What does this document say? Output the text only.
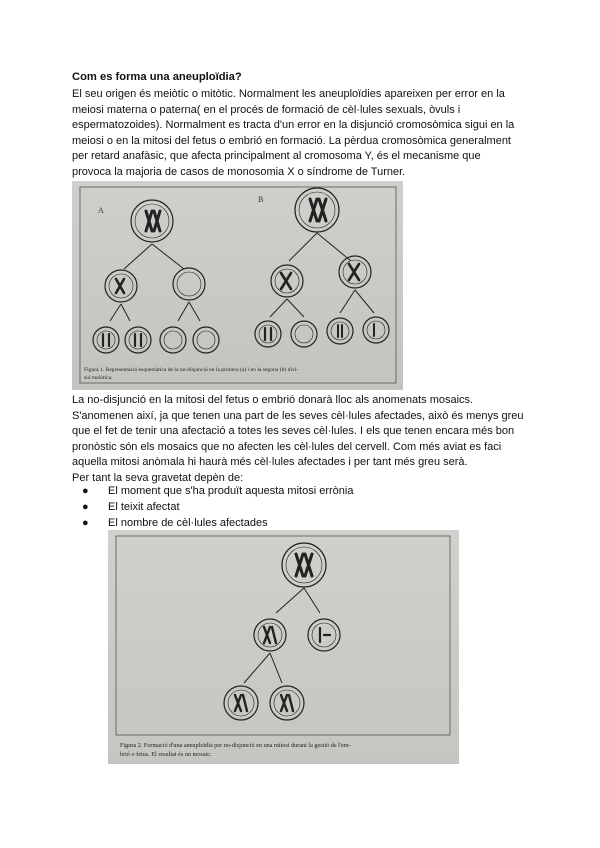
Com es forma una aneuploïdia?

El seu origen és meiòtic o mitòtic. Normalment les aneuploïdies apareixen per error en la
meiosi materna o paterna( en el procés de formació de cèl·lules sexuals, òvuls i
espermatozoides). Normalment es tracta d'un error en la disjunció cromosòmica sigui en la
meiosi o en la mitosi del fetus o embrió en formació. La pèrdua cromosòmica generalment
per retard anafàsic, que afecta principalment al cromosoma Y, és el mecanisme que
provoca la majoria de casos de monosomia X o síndrome de Turner.

A
B
Figura 1. Representació esquemàtica de la no-disjunció en la primera (a) i en la segona (b) divi-
sió meiòtica.

La no-disjunció en la mitosi del fetus o embrió donarà lloc als anomenats mosaics.
S'anomenen així, ja que tenen una part de les seves cèl·lules afectades, això és menys greu
que el fet de tenir una afectació a totes les seves cèl·lules. I els que tenen encara més bon
pronòstic són els mosaics que no afecten les cèl·lules del cervell. Com més aviat es faci
aquella mitosi anòmala hi haurà més cèl·lules afectades i per tant més greu serà.
Per tant la seva gravetat depèn de:

●	El moment que s'ha produït aquesta mitosi errònia
●	El teixit afectat
●	El nombre de cèl·lules afectades
Figura 2. Formació d'una aneuploïdia per no-disjunció en una mitosi durant la gestió de l'em-
brió o fetus. El resultat és un mosaic.
